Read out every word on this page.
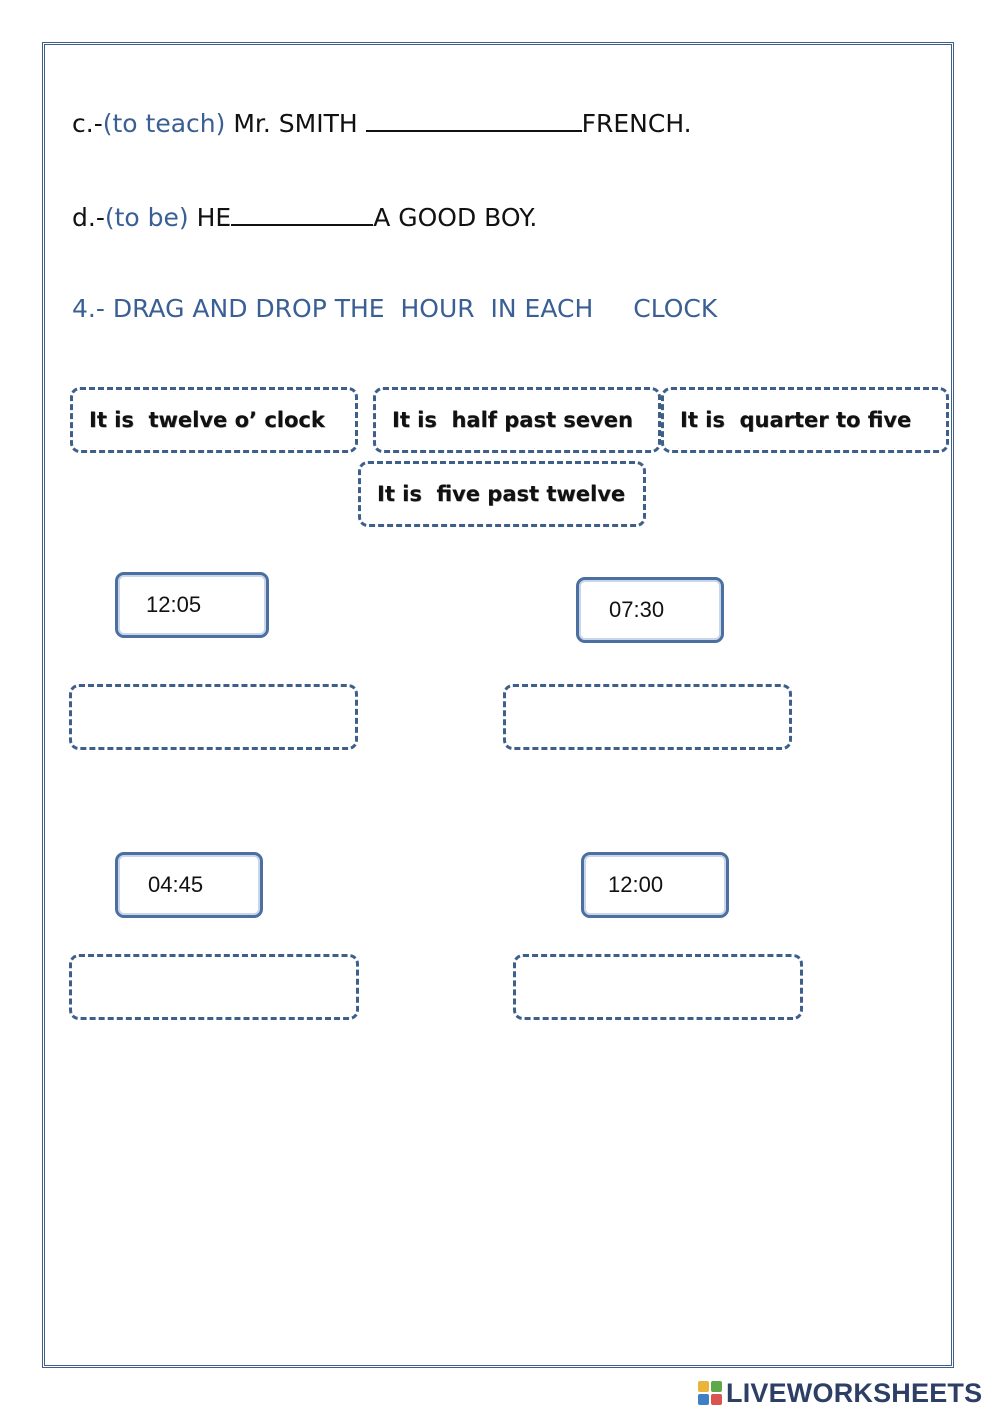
c.-(to teach) Mr. SMITH	FRENCH.
d.-(to be) HE	A GOOD BOY.
4.- DRAG AND DROP THE  HOUR  IN EACH CLOCK
It is  twelve o’ clock	It is  half past seven It is  quarter to five
It is  five past twelve
12:05	07:30
04:45	12:00
LIVEWORKSHEETS
